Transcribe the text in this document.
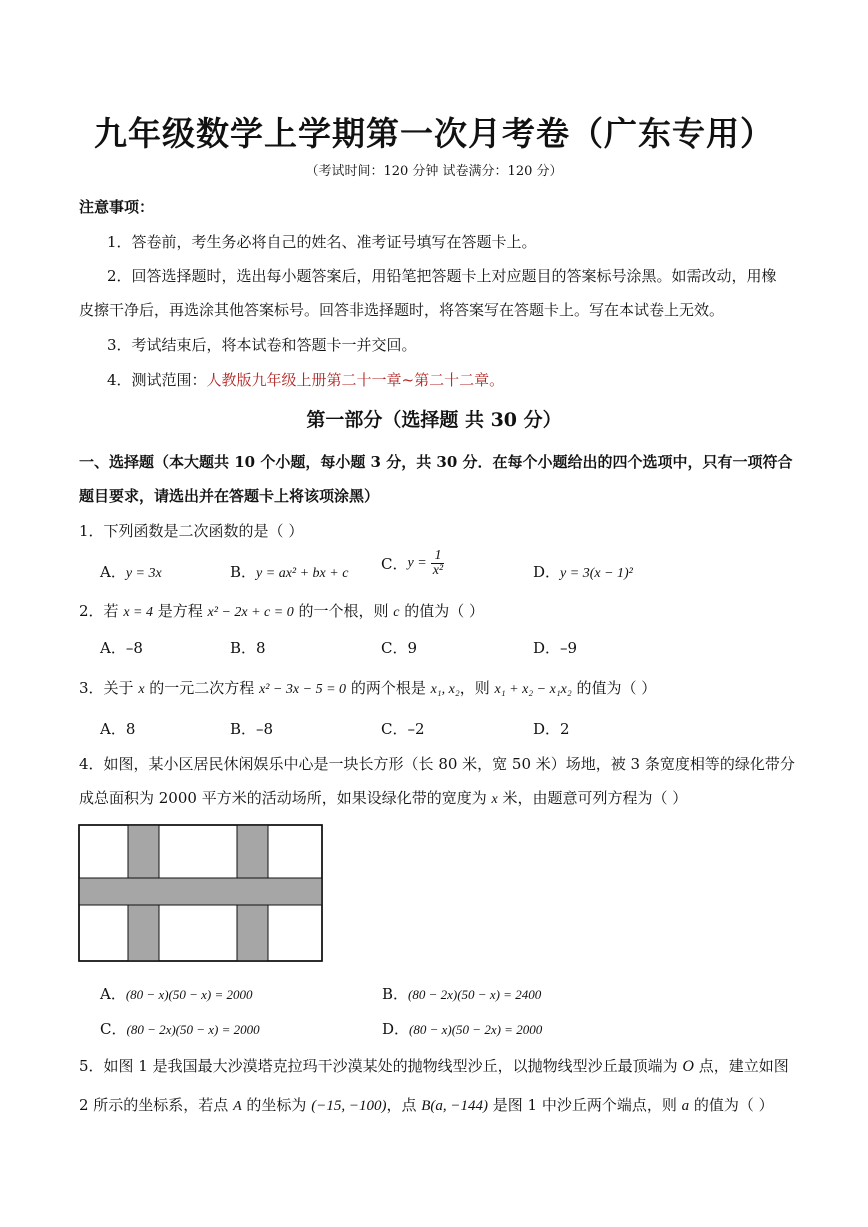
九年级数学上学期第一次月考卷（广东专用）
（考试时间：120 分钟 试卷满分：120 分）
注意事项：
1．答卷前，考生务必将自己的姓名、准考证号填写在答题卡上。
2．回答选择题时，选出每小题答案后，用铅笔把答题卡上对应题目的答案标号涂黑。如需改动，用橡
皮擦干净后，再选涂其他答案标号。回答非选择题时，将答案写在答题卡上。写在本试卷上无效。
3．考试结束后，将本试卷和答题卡一并交回。
4．测试范围：人教版九年级上册第二十一章~第二十二章。
第一部分（选择题 共 30 分）
一、选择题（本大题共 10 个小题，每小题 3 分，共 30 分．在每个小题给出的四个选项中，只有一项符合
题目要求，请选出并在答题卡上将该项涂黑）
1．下列函数是二次函数的是（ ）
A．y = 3x	B．y = ax² + bx + c
C．$y = \frac{1}{\text{x²}}$	D．y = 3(x − 1)²
2．若 x = 4 是方程 x² − 2x + c = 0 的一个根，则 c 的值为（ ）
A．–8	B．8	C．9	D．–9
3．关于 x 的一元二次方程 x² − 3x − 5 = 0 的两个根是 x₁, x₂，则 x₁ + x₂ − x₁x₂ 的值为（ ）
A．8	B．–8	C．–2	D．2
4．如图，某小区居民休闲娱乐中心是一块长方形（长 80 米，宽 50 米）场地，被 3 条宽度相等的绿化带分
成总面积为 2000 平方米的活动场所，如果设绿化带的宽度为 x 米，由题意可列方程为（ ）
A．(80 − x)(50 − x) = 2000	B．(80 − 2x)(50 − x) = 2400
C．(80 − 2x)(50 − x) = 2000	D．(80 − x)(50 − 2x) = 2000
5．如图 1 是我国最大沙漠塔克拉玛干沙漠某处的抛物线型沙丘，以抛物线型沙丘最顶端为 O 点，建立如图
2 所示的坐标系，若点 A 的坐标为 (−15, −100)，点 B(a, −144) 是图 1 中沙丘两个端点，则 a 的值为（ ）
